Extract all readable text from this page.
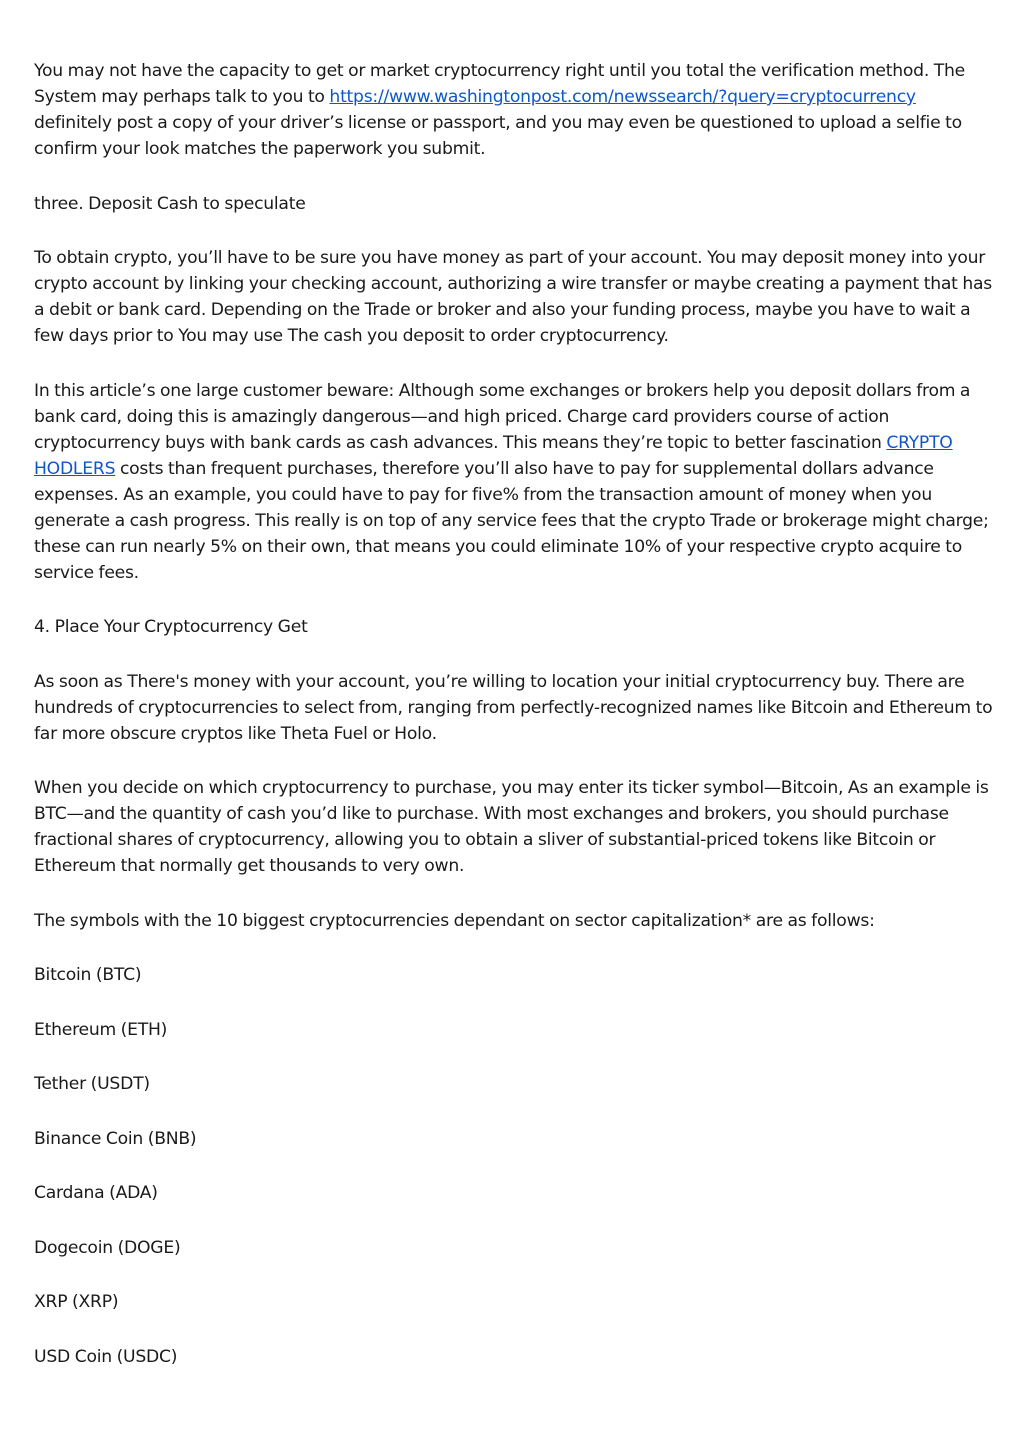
You may not have the capacity to get or market cryptocurrency right until you total the verification method. The System may perhaps talk to you to https://www.washingtonpost.com/newssearch/?query=cryptocurrency definitely post a copy of your driver’s license or passport, and you may even be questioned to upload a selfie to confirm your look matches the paperwork you submit.

three. Deposit Cash to speculate

To obtain crypto, you’ll have to be sure you have money as part of your account. You may deposit money into your crypto account by linking your checking account, authorizing a wire transfer or maybe creating a payment that has a debit or bank card. Depending on the Trade or broker and also your funding process, maybe you have to wait a few days prior to You may use The cash you deposit to order cryptocurrency.

In this article’s one large customer beware: Although some exchanges or brokers help you deposit dollars from a bank card, doing this is amazingly dangerous—and high priced. Charge card providers course of action cryptocurrency buys with bank cards as cash advances. This means they’re topic to better fascination CRYPTO HODLERS costs than frequent purchases, therefore you’ll also have to pay for supplemental dollars advance expenses. As an example, you could have to pay for five% from the transaction amount of money when you generate a cash progress. This really is on top of any service fees that the crypto Trade or brokerage might charge; these can run nearly 5% on their own, that means you could eliminate 10% of your respective crypto acquire to service fees.

4. Place Your Cryptocurrency Get

As soon as There's money with your account, you’re willing to location your initial cryptocurrency buy. There are hundreds of cryptocurrencies to select from, ranging from perfectly-recognized names like Bitcoin and Ethereum to far more obscure cryptos like Theta Fuel or Holo.

When you decide on which cryptocurrency to purchase, you may enter its ticker symbol—Bitcoin, As an example is BTC—and the quantity of cash you’d like to purchase. With most exchanges and brokers, you should purchase fractional shares of cryptocurrency, allowing you to obtain a sliver of substantial-priced tokens like Bitcoin or Ethereum that normally get thousands to very own.

The symbols with the 10 biggest cryptocurrencies dependant on sector capitalization* are as follows:

Bitcoin (BTC)

Ethereum (ETH)

Tether (USDT)

Binance Coin (BNB)

Cardana (ADA)

Dogecoin (DOGE)

XRP (XRP)

USD Coin (USDC)
